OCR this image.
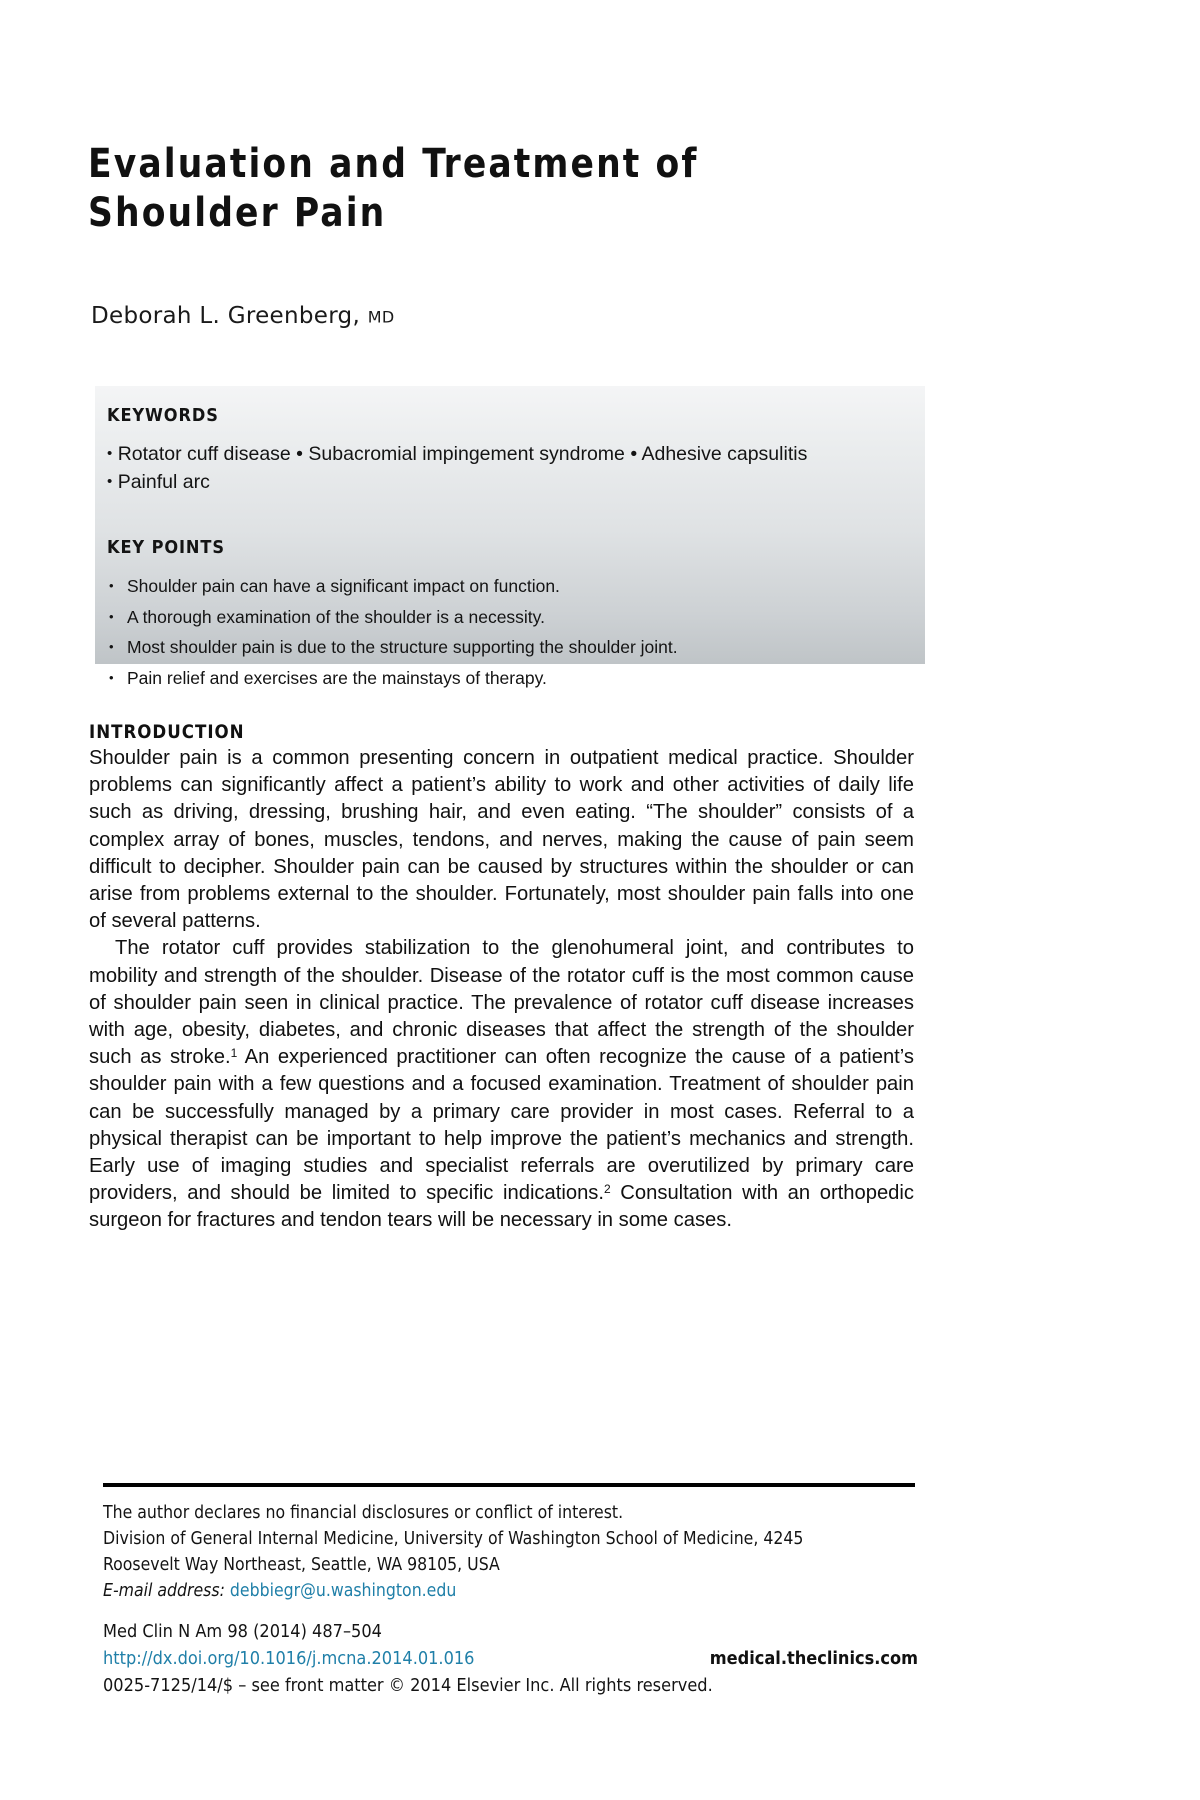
Evaluation and Treatment of
Shoulder Pain
Deborah L. Greenberg, MD
KEYWORDS
• Rotator cuff disease • Subacromial impingement syndrome • Adhesive capsulitis
• Painful arc
KEY POINTS
• Shoulder pain can have a significant impact on function.
• A thorough examination of the shoulder is a necessity.
• Most shoulder pain is due to the structure supporting the shoulder joint.
• Pain relief and exercises are the mainstays of therapy.
INTRODUCTION

Shoulder pain is a common presenting concern in outpatient medical practice. Shoulder problems can significantly affect a patient’s ability to work and other activities of daily life such as driving, dressing, brushing hair, and even eating. “The shoulder” consists of a complex array of bones, muscles, tendons, and nerves, making the cause of pain seem difficult to decipher. Shoulder pain can be caused by structures within the shoulder or can arise from problems external to the shoulder. Fortunately, most shoulder pain falls into one of several patterns.

The rotator cuff provides stabilization to the glenohumeral joint, and contributes to mobility and strength of the shoulder. Disease of the rotator cuff is the most common cause of shoulder pain seen in clinical practice. The prevalence of rotator cuff disease increases with age, obesity, diabetes, and chronic diseases that affect the strength of the shoulder such as stroke.$^1$ An experienced practitioner can often recognize the cause of a patient’s shoulder pain with a few questions and a focused examination. Treatment of shoulder pain can be successfully managed by a primary care provider in most cases. Referral to a physical therapist can be important to help improve the patient’s mechanics and strength. Early use of imaging studies and specialist referrals are overutilized by primary care providers, and should be limited to specific indications.$^2$ Consultation with an orthopedic surgeon for fractures and tendon tears will be necessary in some cases.

The author declares no financial disclosures or conflict of interest.
Division of General Internal Medicine, University of Washington School of Medicine, 4245
Roosevelt Way Northeast, Seattle, WA 98105, USA
E-mail address: debbiegr@u.washington.edu
Med Clin N Am 98 (2014) 487–504
http://dx.doi.org/10.1016/j.mcna.2014.01.016	medical.theclinics.com
0025-7125/14/$ – see front matter © 2014 Elsevier Inc. All rights reserved.
